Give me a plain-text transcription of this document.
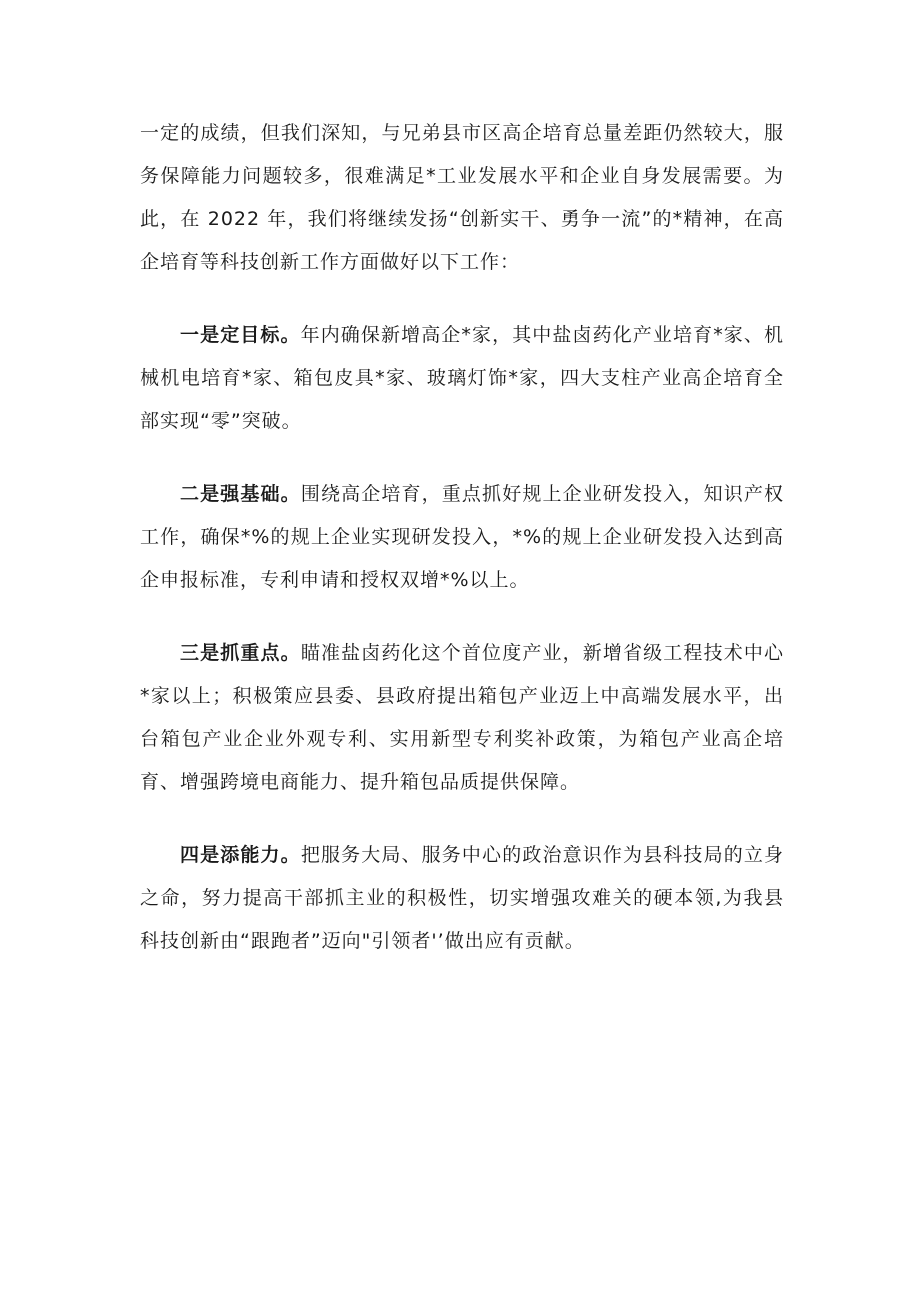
一定的成绩，但我们深知，与兄弟县市区高企培育总量差距仍然较大，服务保障能力问题较多，很难满足*工业发展水平和企业自身发展需要。为此，在 2022 年，我们将继续发扬“创新实干、勇争一流”的*精神，在高企培育等科技创新工作方面做好以下工作：

一是定目标。年内确保新增高企*家，其中盐卤药化产业培育*家、机械机电培育*家、箱包皮具*家、玻璃灯饰*家，四大支柱产业高企培育全部实现“零”突破。

二是强基础。围绕高企培育，重点抓好规上企业研发投入，知识产权工作，确保*%的规上企业实现研发投入，*%的规上企业研发投入达到高企申报标准，专利申请和授权双增*%以上。

三是抓重点。瞄准盐卤药化这个首位度产业，新增省级工程技术中心*家以上；积极策应县委、县政府提出箱包产业迈上中高端发展水平，出台箱包产业企业外观专利、实用新型专利奖补政策，为箱包产业高企培育、增强跨境电商能力、提升箱包品质提供保障。

四是添能力。把服务大局、服务中心的政治意识作为县科技局的立身之命，努力提高干部抓主业的积极性，切实增强攻难关的硬本领,为我县科技创新由“跟跑者”迈向"引领者'’做出应有贡献。
